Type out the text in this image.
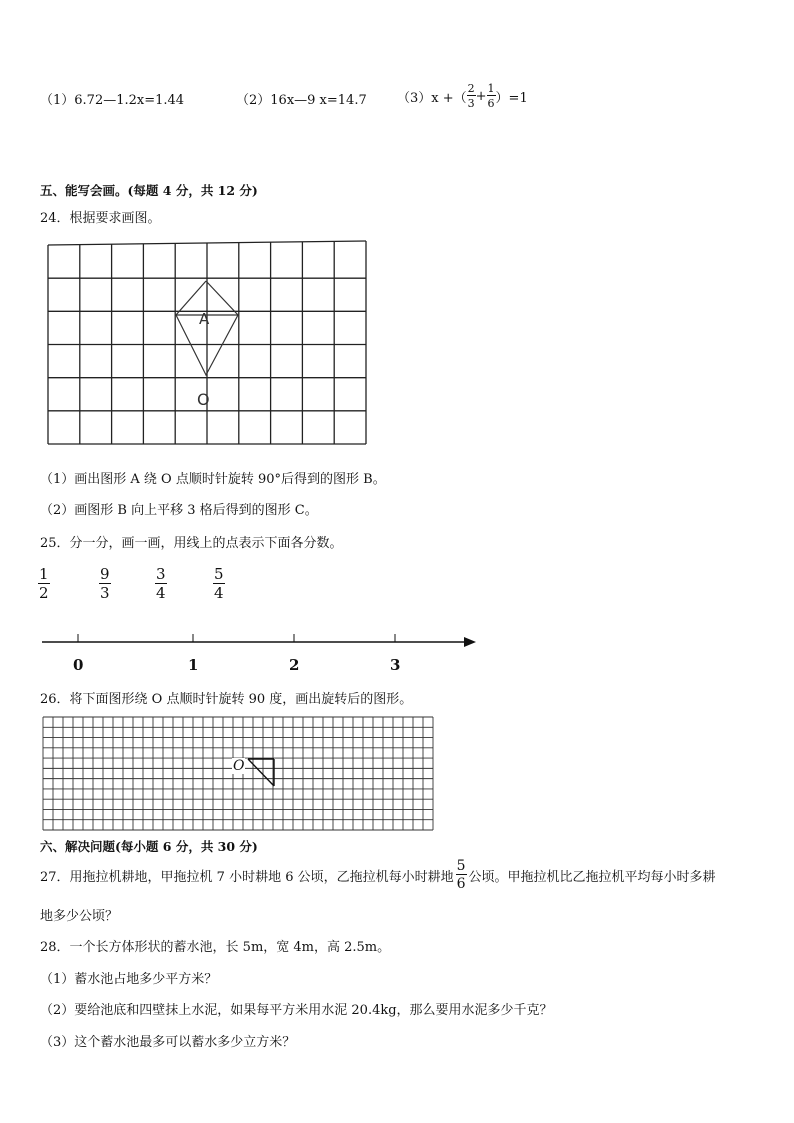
（1）6.72—1.2x=1.44	（2）16x—9 x=14.7 （3）x +（ $\frac{2}{3} + \frac{1}{6} )=1$
五、能写会画。(每题 4 分，共 12 分)
24．根据要求画图。
A
O
（1）画出图形 A 绕 O 点顺时针旋转 90°后得到的图形 B。
（2）画图形 B 向上平移 3 格后得到的图形 C。
25．分一分，画一画，用线上的点表示下面各分数。
$\frac{1}{2}$	$\frac{9}{3}$	$\frac{3}{4}$	$\frac{5}{4}$
0	1	2	3
26．将下面图形绕 O 点顺时针旋转 90 度，画出旋转后的图形。
O
六、解决问题(每小题 6 分，共 30 分)
27．用拖拉机耕地，甲拖拉机 7 小时耕地 6 公顷，乙拖拉机每小时耕地 $\frac{5}{6}$ 公顷。甲拖拉机比乙拖拉机平均每小时多耕
地多少公顷？
28．一个长方体形状的蓄水池，长 5m，宽 4m，高 2.5m。
（1）蓄水池占地多少平方米？
（2）要给池底和四壁抹上水泥，如果每平方米用水泥 20.4kg，那么要用水泥多少千克？
（3）这个蓄水池最多可以蓄水多少立方米？
